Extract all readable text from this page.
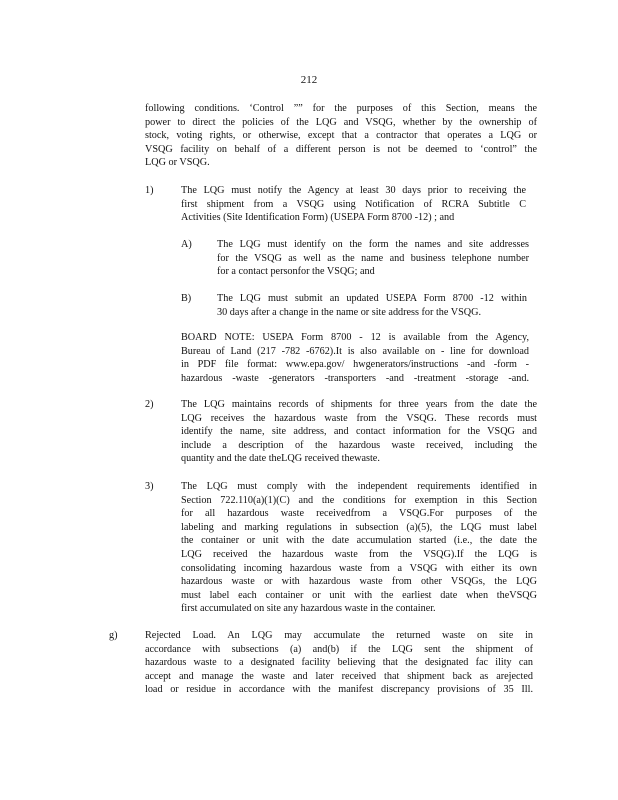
212
following conditions. ‘Control ”” for the purposes of this Section, means the
power to direct the policies of the LQG and VSQG, whether by the ownership of
stock, voting rights, or otherwise, except that a contractor that operates a LQG or
VSQG facility on behalf of a different person is not be deemed to ‘control” the
LQG or VSQG.
1)	The LQG must notify the Agency at least 30 days prior to receiving the
first shipment from a VSQG using Notification of RCRA Subtitle C
Activities (Site Identification Form) (USEPA Form 8700 -12) ; and
A) The LQG must identify on the form the names and site addresses
for the VSQG as well as the name and business telephone number
for a contact personfor the VSQG; and
B)	The LQG must submit an updated USEPA Form 8700 -12 within
30 days after a change in the name or site address for the VSQG.
BOARD NOTE: USEPA Form 8700 - 12 is available from the Agency,
Bureau of Land (217 -782 -6762).It is also available on - line for download
in PDF file format: www.epa.gov/ hwgenerators/instructions -and -form -
hazardous -waste -generators -transporters -and -treatment -storage -and.
2)	The LQG maintains records of shipments for three years from the date the
LQG receives the hazardous waste from the VSQG. These records must
identify the name, site address, and contact information for the VSQG and
include a description of the hazardous waste received, including the
quantity and the date theLQG received thewaste.
3)	The LQG must comply with the independent requirements identified in
Section 722.110(a)(1)(C) and the conditions for exemption in this Section
for all hazardous waste receivedfrom a VSQG.For purposes of the
labeling and marking regulations in subsection (a)(5), the LQG must label
the container or unit with the date accumulation started (i.e., the date the
LQG received the hazardous waste from the VSQG).If the LQG is
consolidating incoming hazardous waste from a VSQG with either its own
hazardous waste or with hazardous waste from other VSQGs, the LQG
must label each container or unit with the earliest date when theVSQG
first accumulated on site any hazardous waste in the container.
g)	Rejected Load. An LQG may accumulate the returned waste on site in
accordance with subsections (a) and(b) if the LQG sent the shipment of
hazardous waste to a designated facility believing that the designated fac ility can
accept and manage the waste and later received that shipment back as arejected
load or residue in accordance with the manifest discrepancy provisions of 35 Ill.
